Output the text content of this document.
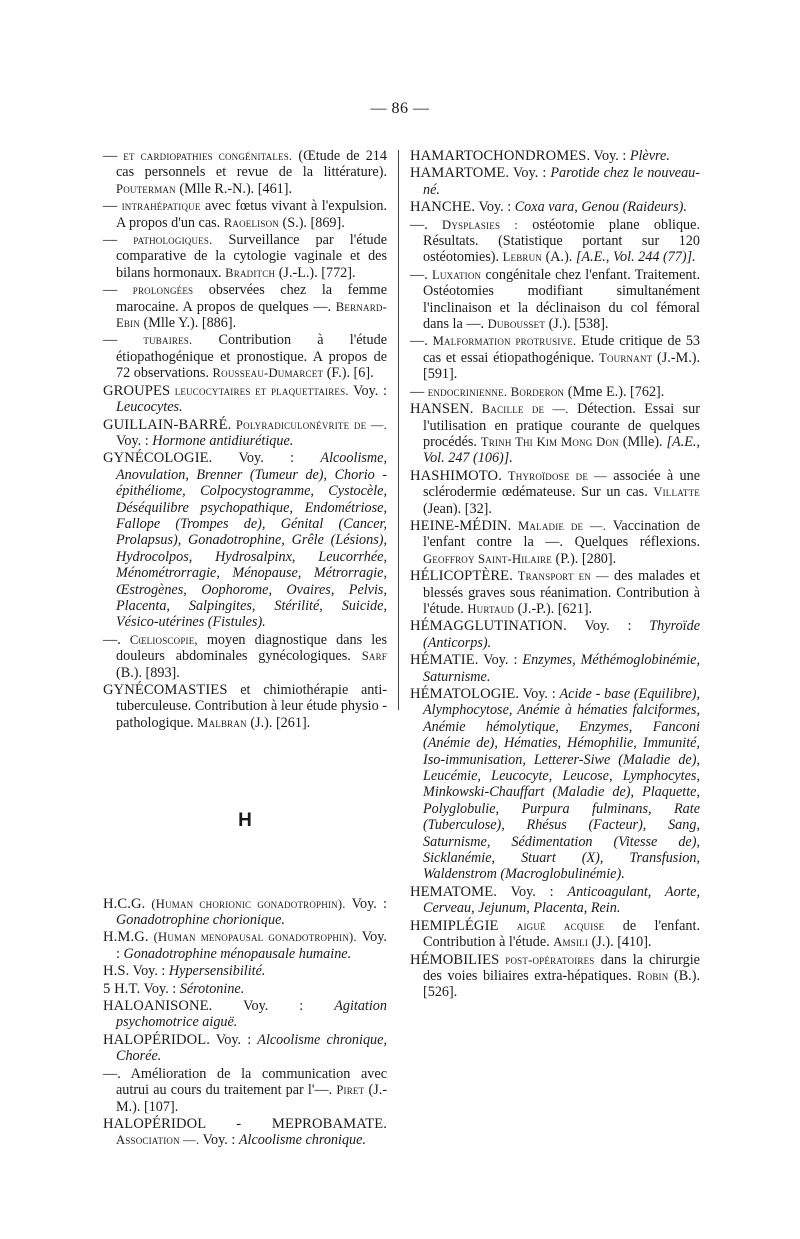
— 86 —
— et cardiopathies congénitales. (Œtude de 214 cas personnels et revue de la littérature). Pouterman (Mlle R.-N.). [461].
— intrahépatique avec fœtus vivant à l'expulsion. A propos d'un cas. Raoelison (S.). [869].
— pathologiques. Surveillance par l'étude comparative de la cytologie vaginale et des bilans hormonaux. Braditch (J.-L.). [772].
— prolongées observées chez la femme marocaine. A propos de quelques —. Bernard-Ebin (Mlle Y.). [886].
— tubaires. Contribution à l'étude étiopathogénique et pronostique. A propos de 72 observations. Rousseau-Dumarcet (F.). [6].
GROUPES leucocytaires et plaquettaires. Voy. : Leucocytes.
GUILLAIN-BARRÉ. Polyradiculonévrite de —. Voy. : Hormone antidiurétique.
GYNÉCOLOGIE. Voy. : Alcoolisme, Anovulation, Brenner (Tumeur de), Chorio - épithéliome, Colpocystogramme, Cystocèle, Déséquilibre psychopathique, Endométriose, Fallope (Trompes de), Génital (Cancer, Prolapsus), Gonadotrophine, Grêle (Lésions), Hydrocolpos, Hydrosalpinx, Leucorrhée, Ménométrorragie, Ménopause, Métrorragie, Œstrogènes, Oophorome, Ovaires, Pelvis, Placenta, Salpingites, Stérilité, Suicide, Vésico-utérines (Fistules).
—. Cœlioscopie, moyen diagnostique dans les douleurs abdominales gynécologiques. Sarf (B.). [893].
GYNÉCOMASTIES et chimiothérapie anti-tuberculeuse. Contribution à leur étude physio - pathologique. Malbran (J.). [261].
H
H.C.G. (Human chorionic gonadotrophin). Voy. : Gonadotrophine chorionique.
H.M.G. (Human menopausal gonadotrophin). Voy. : Gonadotrophine ménopausale humaine.
H.S. Voy. : Hypersensibilité.
5 H.T. Voy. : Sérotonine.
HALOANISONE. Voy. : Agitation psychomotrice aiguë.
HALOPÉRIDOL. Voy. : Alcoolisme chronique, Chorée.
—. Amélioration de la communication avec autrui au cours du traitement par l'—. Piret (J.-M.). [107].
HALOPÉRIDOL - MEPROBAMATE. Association —. Voy. : Alcoolisme chronique.
HAMARTOCHONDROMES. Voy. : Plèvre.
HAMARTOME. Voy. : Parotide chez le nouveau-né.
HANCHE. Voy. : Coxa vara, Genou (Raideurs).
—. Dysplasies : ostéotomie plane oblique. Résultats. (Statistique portant sur 120 ostéotomies). Lebrun (A.). [A.E., Vol. 244 (77)].
—. Luxation congénitale chez l'enfant. Traitement. Ostéotomies modifiant simultanément l'inclinaison et la déclinaison du col fémoral dans la —. Dubousset (J.). [538].
—. Malformation protrusive. Etude critique de 53 cas et essai étiopathogénique. Tournant (J.-M.). [591].
— endocrinienne. Borderon (Mme E.). [762].
HANSEN. Bacille de —. Détection. Essai sur l'utilisation en pratique courante de quelques procédés. Trinh Thi Kim Mong Don (Mlle). [A.E., Vol. 247 (106)].
HASHIMOTO. Thyroïdose de — associée à une sclérodermie œdémateuse. Sur un cas. Villatte (Jean). [32].
HEINE-MÉDIN. Maladie de —. Vaccination de l'enfant contre la —. Quelques réflexions. Geoffroy Saint-Hilaire (P.). [280].
HÉLICOPTÈRE. Transport en — des malades et blessés graves sous réanimation. Contribution à l'étude. Hurtaud (J.-P.). [621].
HÉMAGGLUTINATION. Voy. : Thyroïde (Anticorps).
HÉMATIE. Voy. : Enzymes, Méthémoglobinémie, Saturnisme.
HÉMATOLOGIE. Voy. : Acide - base (Equilibre), Alymphocytose, Anémie à hématies falciformes, Anémie hémolytique, Enzymes, Fanconi (Anémie de), Hématies, Hémophilie, Immunité, Iso-immunisation, Letterer-Siwe (Maladie de), Leucémie, Leucocyte, Leucose, Lymphocytes, Minkowski-Chauffart (Maladie de), Plaquette, Polyglobulie, Purpura fulminans, Rate (Tuberculose), Rhésus (Facteur), Sang, Saturnisme, Sédimentation (Vitesse de), Sicklanémie, Stuart (X), Transfusion, Waldenstrom (Macroglobulinémie).
HEMATOME. Voy. : Anticoagulant, Aorte, Cerveau, Jejunum, Placenta, Rein.
HEMIPLÉGIE aiguë acquise de l'enfant. Contribution à l'étude. Amsili (J.). [410].
HÉMOBILIES post-opératoires dans la chirurgie des voies biliaires extra-hépatiques. Robin (B.). [526].
